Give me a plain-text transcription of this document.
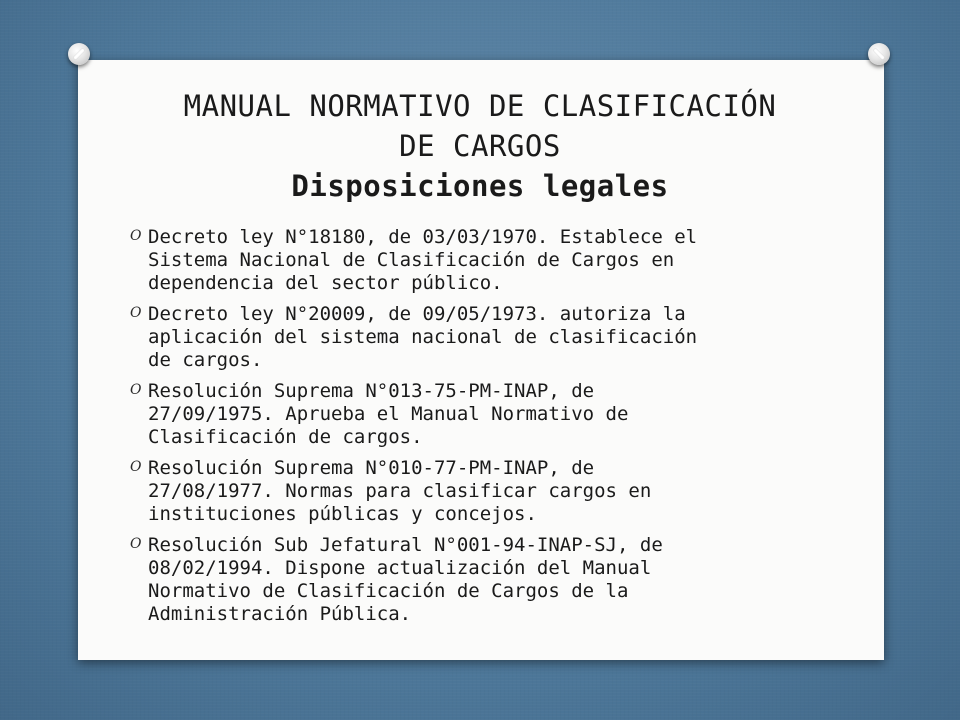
MANUAL NORMATIVO DE CLASIFICACIÓN
DE CARGOS
Disposiciones legales
O Decreto ley N°18180, de 03/03/1970. Establece el
Sistema Nacional de Clasificación de Cargos en
dependencia del sector público.
O Decreto ley N°20009, de 09/05/1973. autoriza la
aplicación del sistema nacional de clasificación
de cargos.
O Resolución Suprema N°013-75-PM-INAP, de
27/09/1975. Aprueba el Manual Normativo de
Clasificación de cargos.
O Resolución Suprema N°010-77-PM-INAP, de
27/08/1977. Normas para clasificar cargos en
instituciones públicas y concejos.
O Resolución Sub Jefatural N°001-94-INAP-SJ, de
08/02/1994. Dispone actualización del Manual
Normativo de Clasificación de Cargos de la
Administración Pública.
